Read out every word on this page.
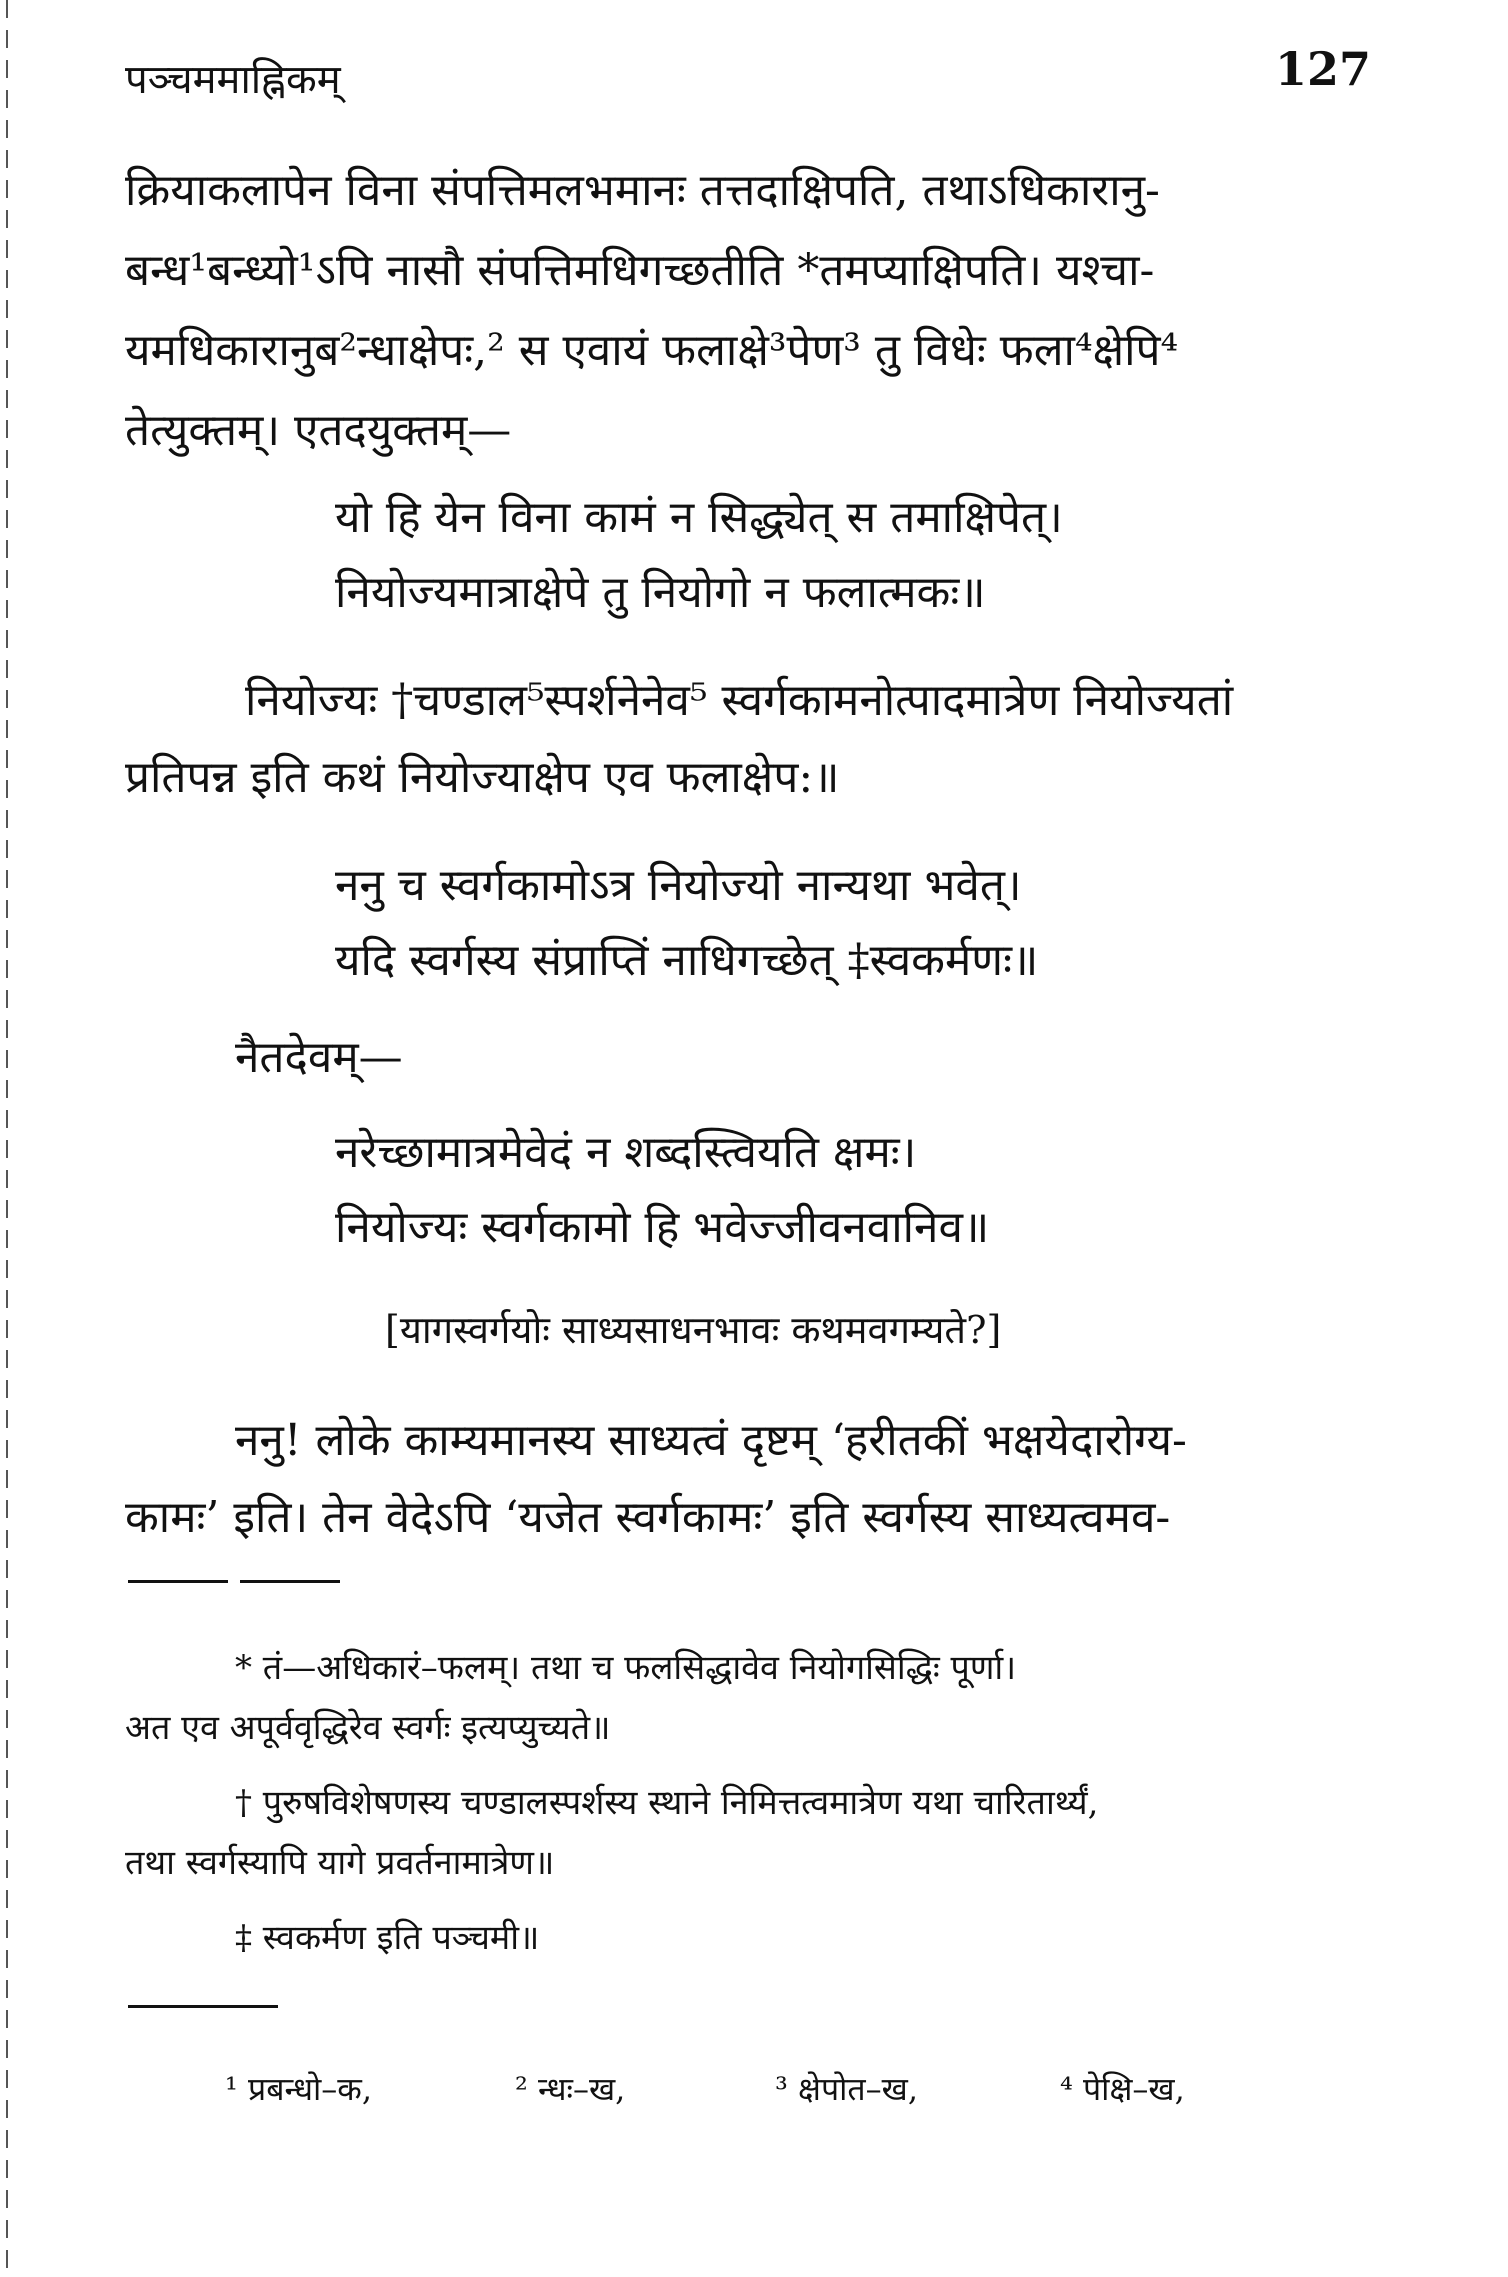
पञ्चममाह्निकम्	127
क्रियाकलापेन विना संपत्तिमलभमानः तत्तदाक्षिपति, तथाऽधिकारानु-
बन्ध¹बन्ध्यो¹ऽपि नासौ संपत्तिमधिगच्छतीति *तमप्याक्षिपति। यश्चा-
यमधिकारानुब²न्धाक्षेपः,² स एवायं फलाक्षे³पेण³ तु विधेः फला⁴क्षेपि⁴
तेत्युक्तम्। एतदयुक्तम्—
यो हि येन विना कामं न सिद्ध्येत् स तमाक्षिपेत्।
नियोज्यमात्राक्षेपे तु नियोगो न फलात्मकः॥
नियोज्यः †चण्डाल⁵स्पर्शनेनेव⁵ स्वर्गकामनोत्पादमात्रेण नियोज्यतां
प्रतिपन्न इति कथं नियोज्याक्षेप एव फलाक्षेप:॥
ननु च स्वर्गकामोऽत्र नियोज्यो नान्यथा भवेत्।
यदि स्वर्गस्य संप्राप्तिं नाधिगच्छेत् ‡स्वकर्मणः॥
नैतदेवम्—
नरेच्छामात्रमेवेदं न शब्दस्त्वियति क्षमः।
नियोज्यः स्वर्गकामो हि भवेज्जीवनवानिव॥
[यागस्वर्गयोः साध्यसाधनभावः कथमवगम्यते?]
ननु! लोके काम्यमानस्य साध्यत्वं दृष्टम् ‘हरीतकीं भक्षयेदारोग्य-
कामः’ इति। तेन वेदेऽपि ‘यजेत स्वर्गकामः’ इति स्वर्गस्य साध्यत्वमव-
* तं—अधिकारं–फलम्। तथा च फलसिद्धावेव नियोगसिद्धिः पूर्णा।
अत एव अपूर्ववृद्धिरेव स्वर्गः इत्यप्युच्यते॥
† पुरुषविशेषणस्य चण्डालस्पर्शस्य स्थाने निमित्तत्वमात्रेण यथा चारितार्थ्यं,
तथा स्वर्गस्यापि यागे प्रवर्तनामात्रेण॥
‡ स्वकर्मण इति पञ्चमी॥
¹ प्रबन्धो–क,	² न्धः–ख,	³ क्षेपोत–ख,	⁴ पेक्षि–ख,
